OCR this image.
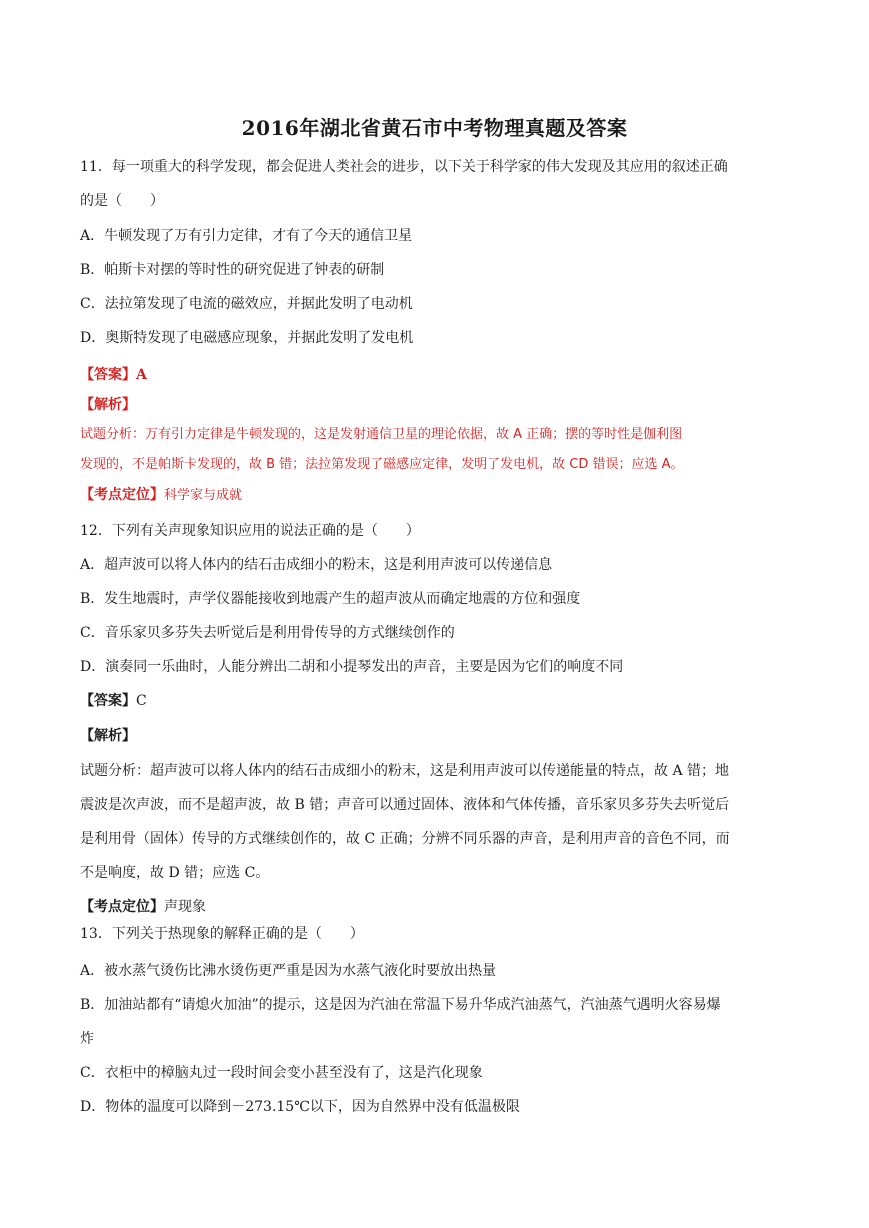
2016年湖北省黄石市中考物理真题及答案
11．每一项重大的科学发现，都会促进人类社会的进步，以下关于科学家的伟大发现及其应用的叙述正确
的是（　　）
A．牛顿发现了万有引力定律，才有了今天的通信卫星
B．帕斯卡对摆的等时性的研究促进了钟表的研制
C．法拉第发现了电流的磁效应，并据此发明了电动机
D．奥斯特发现了电磁感应现象，并据此发明了发电机
【答案】A
【解析】
试题分析：万有引力定律是牛顿发现的，这是发射通信卫星的理论依据，故 A 正确；摆的等时性是伽利图
发现的，不是帕斯卡发现的，故 B 错；法拉第发现了磁感应定律，发明了发电机，故 CD 错误；应选 A。
【考点定位】科学家与成就
12．下列有关声现象知识应用的说法正确的是（　　）
A．超声波可以将人体内的结石击成细小的粉末，这是利用声波可以传递信息
B．发生地震时，声学仪器能接收到地震产生的超声波从而确定地震的方位和强度
C．音乐家贝多芬失去听觉后是利用骨传导的方式继续创作的
D．演奏同一乐曲时，人能分辨出二胡和小提琴发出的声音，主要是因为它们的响度不同
【答案】C
【解析】
试题分析：超声波可以将人体内的结石击成细小的粉末，这是利用声波可以传递能量的特点，故 A 错；地
震波是次声波，而不是超声波，故 B 错；声音可以通过固体、液体和气体传播，音乐家贝多芬失去听觉后
是利用骨（固体）传导的方式继续创作的，故 C 正确；分辨不同乐器的声音，是利用声音的音色不同，而
不是响度，故 D 错；应选 C。
【考点定位】声现象
13．下列关于热现象的解释正确的是（　　）
A．被水蒸气烫伤比沸水烫伤更严重是因为水蒸气液化时要放出热量
B．加油站都有“请熄火加油”的提示，这是因为汽油在常温下易升华成汽油蒸气，汽油蒸气遇明火容易爆
炸
C．衣柜中的樟脑丸过一段时间会变小甚至没有了，这是汽化现象
D．物体的温度可以降到－273.15℃以下，因为自然界中没有低温极限
